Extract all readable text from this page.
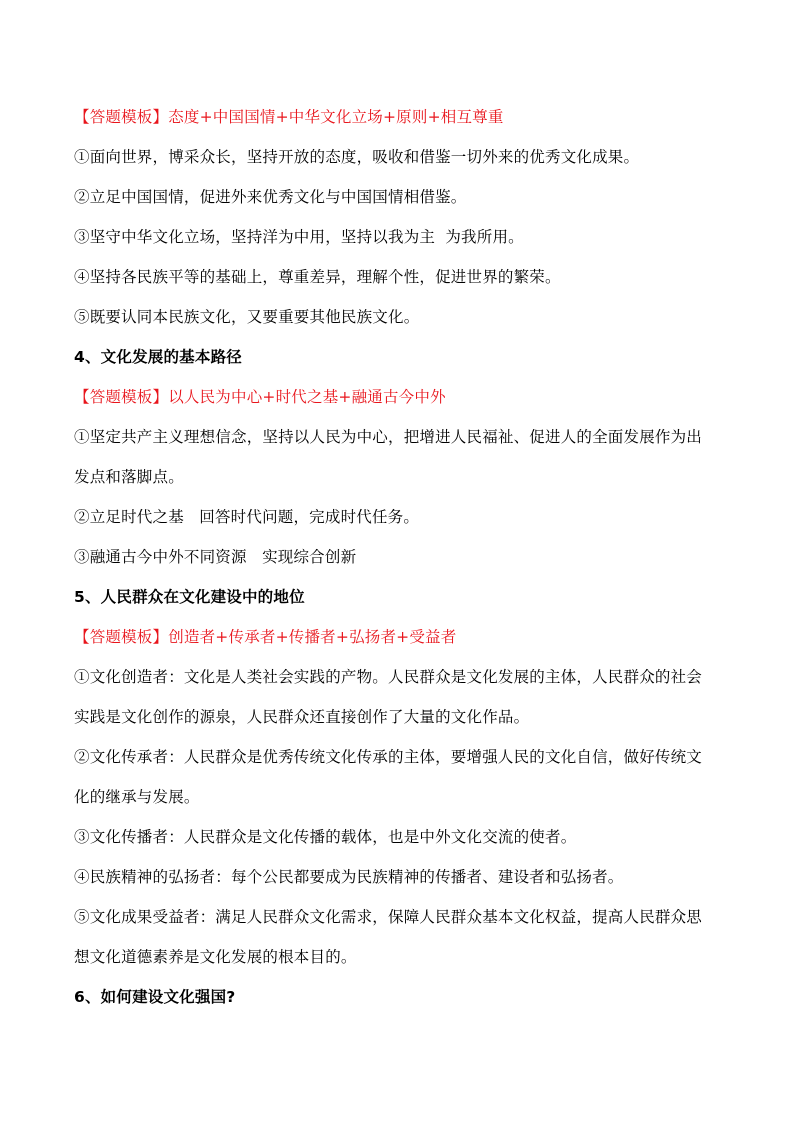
【答题模板】态度+中国国情+中华文化立场+原则+相互尊重
①面向世界，博采众长，坚持开放的态度，吸收和借鉴一切外来的优秀文化成果。
②立足中国国情，促进外来优秀文化与中国国情相借鉴。
③坚守中华文化立场，坚持洋为中用，坚持以我为主  为我所用。
④坚持各民族平等的基础上，尊重差异，理解个性，促进世界的繁荣。
⑤既要认同本民族文化，又要重要其他民族文化。
4、文化发展的基本路径
【答题模板】以人民为中心+时代之基+融通古今中外
①坚定共产主义理想信念，坚持以人民为中心，把增进人民福祉、促进人的全面发展作为出
发点和落脚点。
②立足时代之基   回答时代问题，完成时代任务。
③融通古今中外不同资源   实现综合创新
5、人民群众在文化建设中的地位
【答题模板】创造者+传承者+传播者+弘扬者+受益者
①文化创造者：文化是人类社会实践的产物。人民群众是文化发展的主体，人民群众的社会
实践是文化创作的源泉，人民群众还直接创作了大量的文化作品。
②文化传承者：人民群众是优秀传统文化传承的主体，要增强人民的文化自信，做好传统文
化的继承与发展。
③文化传播者：人民群众是文化传播的载体，也是中外文化交流的使者。
④民族精神的弘扬者：每个公民都要成为民族精神的传播者、建设者和弘扬者。
⑤文化成果受益者：满足人民群众文化需求，保障人民群众基本文化权益，提高人民群众思
想文化道德素养是文化发展的根本目的。
6、如何建设文化强国?
